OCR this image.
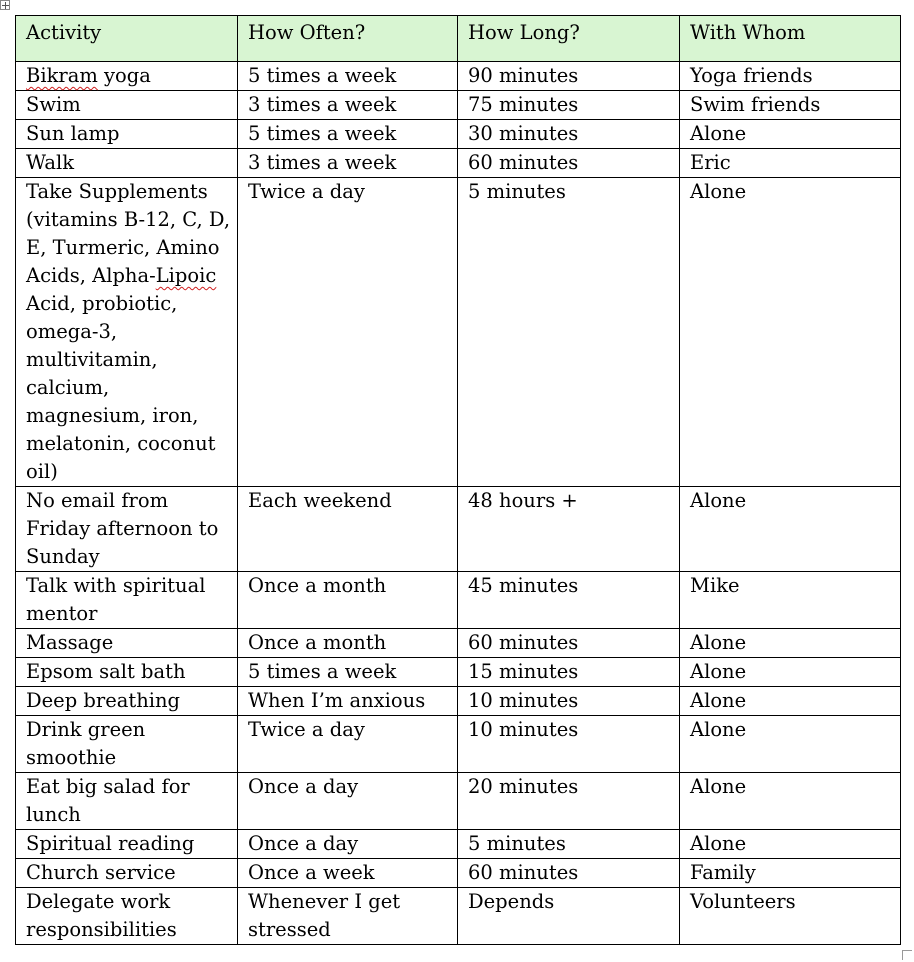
Activity	How Often?	How Long?	With Whom
Bikram yoga	5 times a week	90 minutes	Yoga friends
Swim	3 times a week	75 minutes	Swim friends
Sun lamp	5 times a week	30 minutes	Alone
Walk	3 times a week	60 minutes	Eric
Take Supplements (vitamins B-12, C, D, E, Turmeric, Amino Acids, Alpha-Lipoic Acid, probiotic, omega-3, multivitamin, calcium, magnesium, iron, melatonin, coconut oil)	Twice a day	5 minutes	Alone
No email from Friday afternoon to Sunday	Each weekend	48 hours +	Alone
Talk with spiritual mentor	Once a month	45 minutes	Mike
Massage	Once a month	60 minutes	Alone
Epsom salt bath	5 times a week	15 minutes	Alone
Deep breathing	When I’m anxious	10 minutes	Alone
Drink green smoothie	Twice a day	10 minutes	Alone
Eat big salad for lunch	Once a day	20 minutes	Alone
Spiritual reading	Once a day	5 minutes	Alone
Church service	Once a week	60 minutes	Family
Delegate work responsibilities	Whenever I get stressed	Depends	Volunteers
